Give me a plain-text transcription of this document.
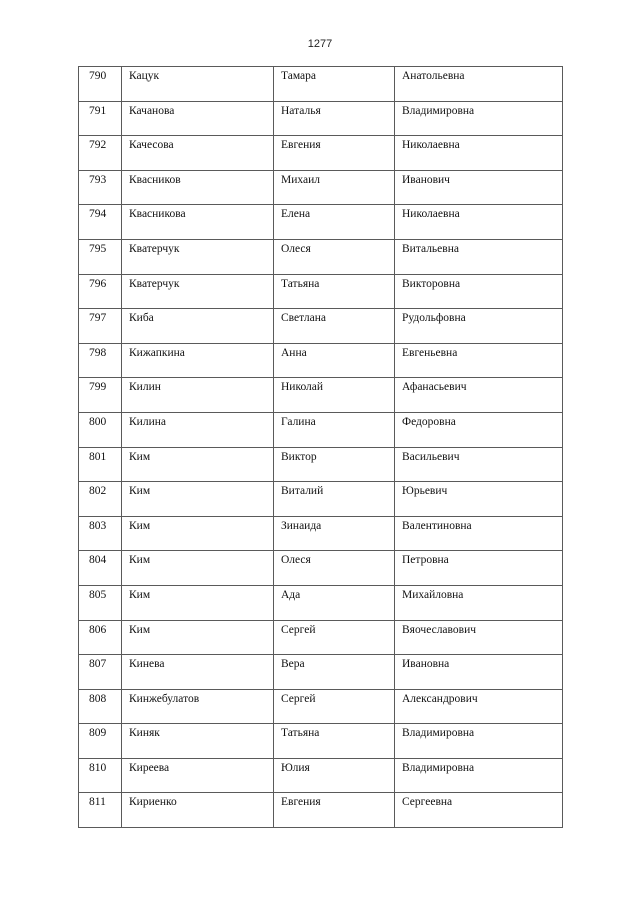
1277
790	Кацук	Тамара	Анатольевна
791	Качанова	Наталья	Владимировна
792	Качесова	Евгения	Николаевна
793	Квасников	Михаил	Иванович
794	Квасникова	Елена	Николаевна
795	Кватерчук	Олеся	Витальевна
796	Кватерчук	Татьяна	Викторовна
797	Киба	Светлана	Рудольфовна
798	Кижапкина	Анна	Евгеньевна
799	Килин	Николай	Афанасьевич
800	Килина	Галина	Федоровна
801	Ким	Виктор	Васильевич
802	Ким	Виталий	Юрьевич
803	Ким	Зинаида	Валентиновна
804	Ким	Олеся	Петровна
805	Ким	Ада	Михайловна
806	Ким	Сергей	Вяочеславович
807	Кинева	Вера	Ивановна
808	Кинжебулатов	Сергей	Александрович
809	Киняк	Татьяна	Владимировна
810	Киреева	Юлия	Владимировна
811	Кириенко	Евгения	Сергеевна
